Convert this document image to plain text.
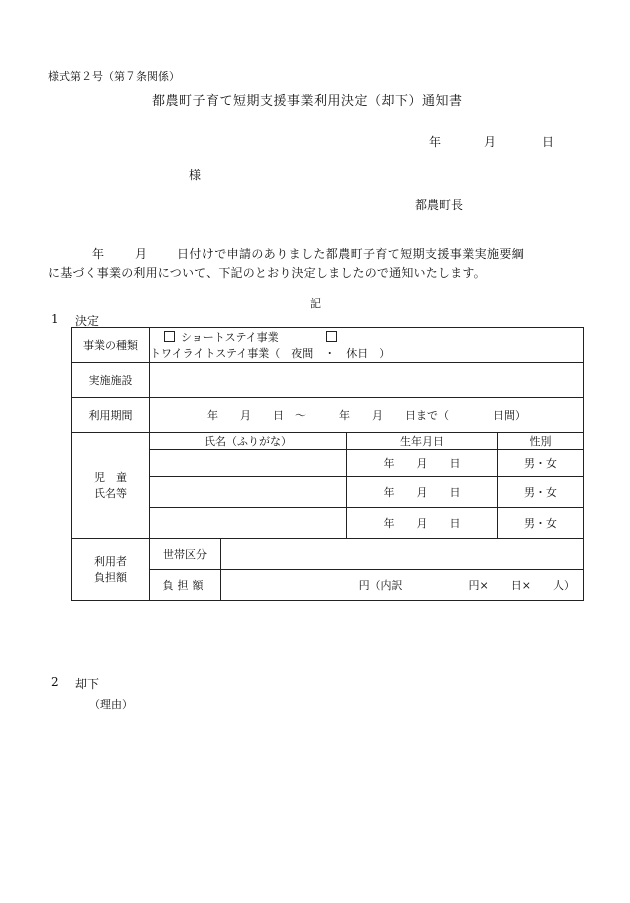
様式第２号（第７条関係）
都農町子育て短期支援事業利用決定（却下）通知書
年	月	日
様
都農町長
年	月 日付けで申請のありました都農町子育て短期支援事業実施要綱
に基づく事業の利用について、下記のとおり決定しましたので通知いたします。
記
1 決定
事業の種類	ショートステイ事業 トワイライトステイ事業（　夜間　・　休日　）			
実施施設				
利用期間	年　　月　　日　～　　　年　　月　　日まで（　　　　日間）			

児　童
氏名等	氏名（ふりがな）		生年月日	性別
			年　　月　　日	男・女
			年　　月　　日	男・女
			年　　月　　日	男・女

利用者
負担額	世帯区分			
	負担額	円（内訳　　　　　　円×　　日×　　人）		
2 却下
（理由）
